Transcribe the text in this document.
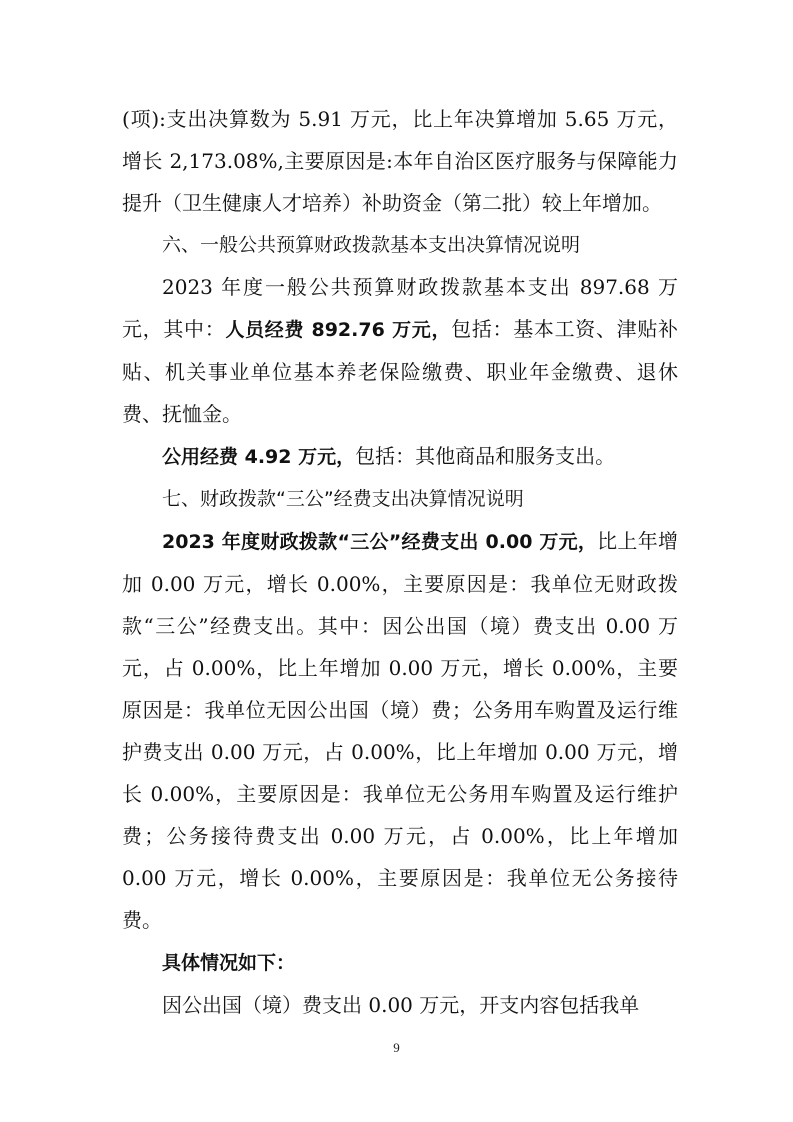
(项):支出决算数为 5.91 万元，比上年决算增加 5.65 万元，增长 2,173.08%,主要原因是:本年自治区医疗服务与保障能力提升（卫生健康人才培养）补助资金（第二批）较上年增加。

六、一般公共预算财政拨款基本支出决算情况说明

2023 年度一般公共预算财政拨款基本支出 897.68 万元，其中：人员经费 892.76 万元，包括：基本工资、津贴补贴、机关事业单位基本养老保险缴费、职业年金缴费、退休费、抚恤金。

公用经费 4.92 万元，包括：其他商品和服务支出。

七、财政拨款“三公”经费支出决算情况说明

2023 年度财政拨款“三公”经费支出 0.00 万元，比上年增加 0.00 万元，增长 0.00%，主要原因是：我单位无财政拨款“三公”经费支出。其中：因公出国（境）费支出 0.00 万元，占 0.00%，比上年增加 0.00 万元，增长 0.00%，主要原因是：我单位无因公出国（境）费；公务用车购置及运行维护费支出 0.00 万元，占 0.00%，比上年增加 0.00 万元，增长 0.00%，主要原因是：我单位无公务用车购置及运行维护费；公务接待费支出 0.00 万元，占 0.00%，比上年增加 0.00 万元，增长 0.00%，主要原因是：我单位无公务接待费。

具体情况如下：

因公出国（境）费支出 0.00 万元，开支内容包括我单

9
